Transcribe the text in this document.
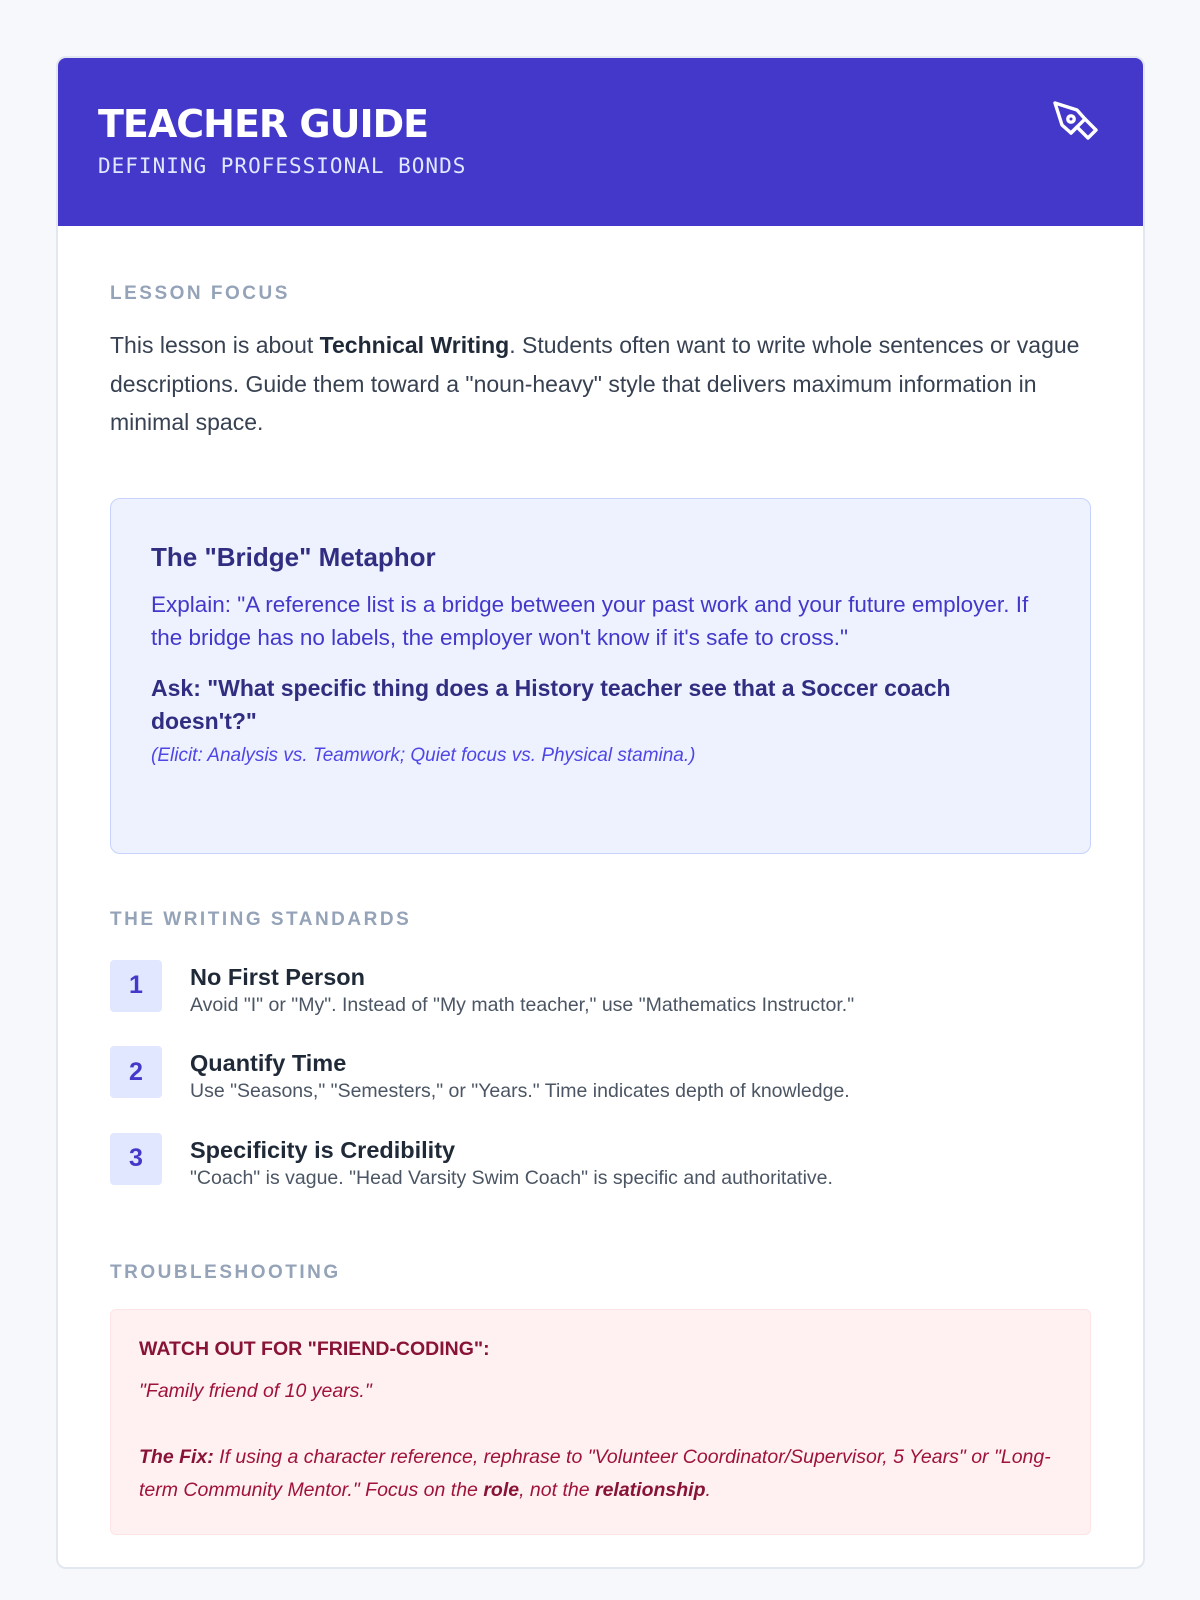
TEACHER GUIDE
DEFINING PROFESSIONAL BONDS
LESSON FOCUS

This lesson is about Technical Writing. Students often want to write whole sentences or vague descriptions. Guide them toward a "noun-heavy" style that delivers maximum information in minimal space.

The "Bridge" Metaphor

Explain: "A reference list is a bridge between your past work and your future employer. If the bridge has no labels, the employer won't know if it's safe to cross."

Ask: "What specific thing does a History teacher see that a Soccer coach doesn't?"

(Elicit: Analysis vs. Teamwork; Quiet focus vs. Physical stamina.)

THE WRITING STANDARDS
1	No First Person
Avoid "I" or "My". Instead of "My math teacher," use "Mathematics Instructor."
2	Quantify Time
Use "Seasons," "Semesters," or "Years." Time indicates depth of knowledge.
3	Specificity is Credibility
"Coach" is vague. "Head Varsity Swim Coach" is specific and authoritative.
TROUBLESHOOTING
WATCH OUT FOR "FRIEND-CODING":

"Family friend of 10 years."

The Fix: If using a character reference, rephrase to "Volunteer Coordinator/Supervisor, 5 Years" or "Long-term Community Mentor." Focus on the role, not the relationship.
